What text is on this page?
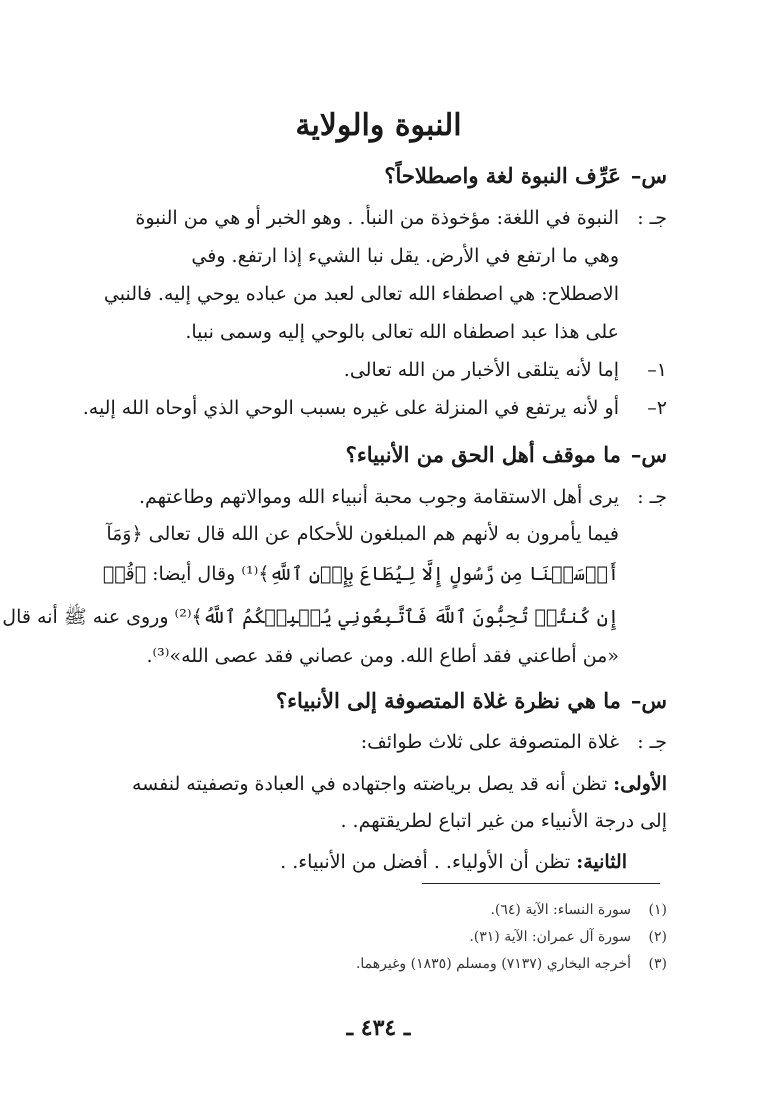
النبوة والولاية
س–عَرِّف النبوة لغة واصطلاحاً؟
جـ :النبوة في اللغة: مؤخوذة من النبأ. . وهو الخبر أو هي من النبوة
وهي ما ارتفع في الأرض. يقل نبا الشيء إذا ارتفع. وفي
الاصطلاح: هي اصطفاء الله تعالى لعبد من عباده يوحي إليه. فالنبي
على هذا عبد اصطفاه الله تعالى بالوحي إليه وسمى نبيا.
١–إما لأنه يتلقى الأخبار من الله تعالى.
٢–أو لأنه يرتفع في المنزلة على غيره بسبب الوحي الذي أوحاه الله إليه.
س–ما موقف أهل الحق من الأنبياء؟
جـ :يرى أهل الاستقامة وجوب محبة أنبياء الله وموالاتهم وطاعتهم.
فيما يأمرون به لأنهم هم المبلغون للأحكام عن الله قال تعالى ﴿وَمَآ
أَرۡسَلۡنَا مِن رَّسُولٍ إِلَّا لِيُطَاعَ بِإِذۡنِ ٱللَّهِ﴾⁽¹⁾ وقال أيضا: ﴿قُلۡ
إِن كُنتُمۡ تُحِبُّونَ ٱللَّهَ فَٱتَّبِعُونِي يُحۡبِبۡكُمُ ٱللَّهُ﴾⁽²⁾ وروى عنه ﷺ أنه قال
«من أطاعني فقد أطاع الله. ومن عصاني فقد عصى الله»⁽³⁾.
س–ما هي نظرة غلاة المتصوفة إلى الأنبياء؟
جـ :غلاة المتصوفة على ثلاث طوائف:
الأولى: تظن أنه قد يصل برياضته واجتهاده في العبادة وتصفيته لنفسه
إلى درجة الأنبياء من غير اتباع لطريقتهم. .
الثانية: تظن أن الأولياء. . أفضل من الأنبياء. .
(١)سورة النساء: الآية (٦٤).
(٢)سورة آل عمران: الآية (٣١).
(٣)أخرجه البخاري (٧١٣٧) ومسلم (١٨٣٥) وغيرهما.
ـ ٤٣٤ ـ
